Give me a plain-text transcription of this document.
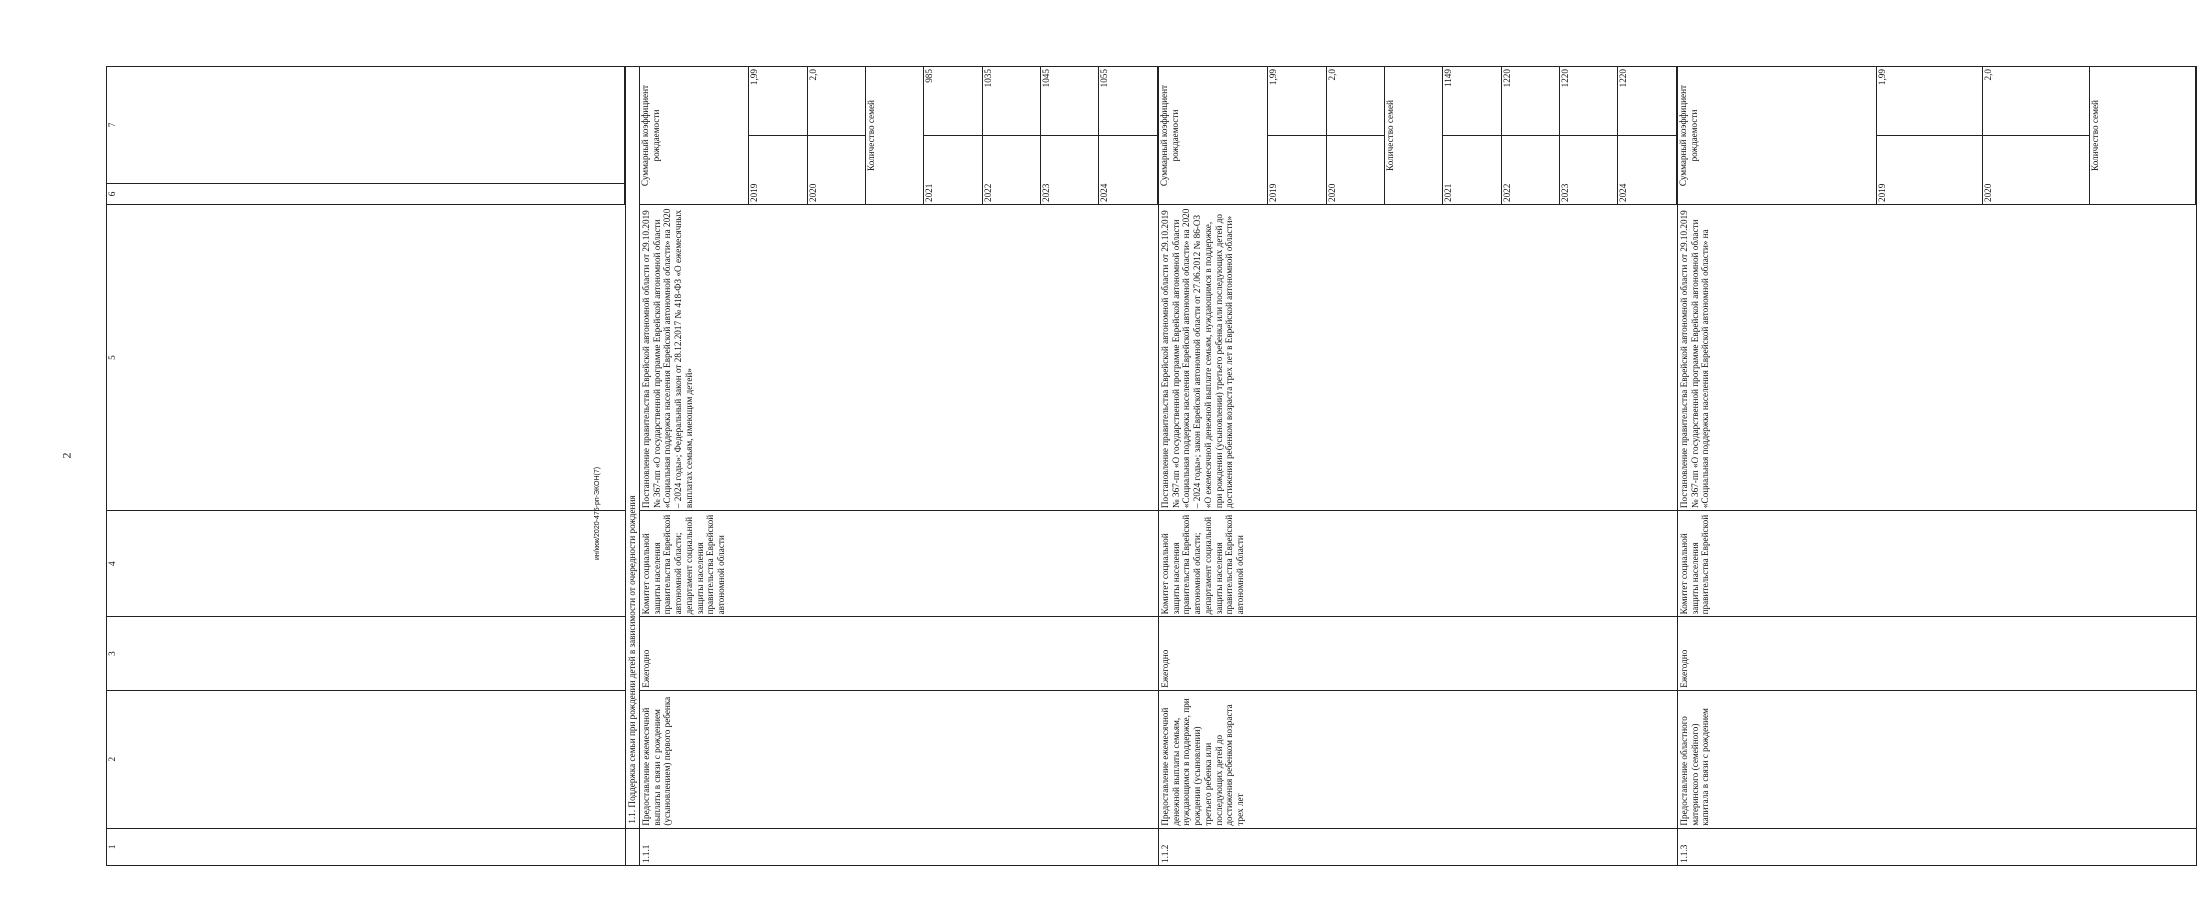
2
1	2	3	4	5	
6	7

	1.1. Поддержка семьи при рождении детей в зависимости от очередности рождения
1.1.1	Предоставление ежемесячной выплаты в связи с рождением (усыновлением) первого ребенка	Ежегодно	Комитет социальной защиты населения правительства Еврейской автономной области; департамент социальной защиты населения правительства Еврейской автономной области	Постановление правительства Еврейской автономной области от 29.10.2019 № 367-пп «О государственной программе Еврейской автономной области «Социальная поддержка населения Еврейской автономной области» на 2020 – 2024 годы»; Федеральный закон от 28.12.2017 № 418-ФЗ «О ежемесячных выплатах семьям, имеющим детей»	
Суммарный коэффициент рождаемости
2019	1,99
2020	2,0
Количество семей
2021	985
2022	1035
2023	1045
2024	1055

1.1.2	Предоставление ежемесячной денежной выплаты семьям, нуждающимся в поддержке, при рождении (усыновлении) третьего ребенка или последующих детей до достижения ребенком возраста трех лет	Ежегодно	Комитет социальной защиты населения правительства Еврейской автономной области; департамент социальной защиты населения правительства Еврейской автономной области	Постановление правительства Еврейской автономной области от 29.10.2019 № 367-пп «О государственной программе Еврейской автономной области «Социальная поддержка населения Еврейской автономной области» на 2020 – 2024 годы»; закон Еврейской автономной области от 27.06.2012 № 86-ОЗ «О ежемесячной денежной выплате семьям, нуждающимся в поддержке, при рождении (усыновлении) третьего ребенка или последующих детей до достижения ребенком возраста трех лет в Еврейской автономной области»	
Суммарный коэффициент рождаемости
2019	1,99
2020	2,0
Количество семей
2021	1149
2022	1220
2023	1220
2024	1220

1.1.3	Предоставление областного материнского (семейного) капитала в связи с рождением	Ежегодно	Комитет социальной защиты населения правительства Еврейской	Постановление правительства Еврейской автономной области от 29.10.2019 № 367-пп «О государственной программе Еврейской автономной области «Социальная поддержка населения Еврейской автономной области» на	
Суммарный коэффициент рождаемости
2019	1,99
2020	2,0
Количество семей
ин/кюк/2020-475-рп-ЭКОН(7)
